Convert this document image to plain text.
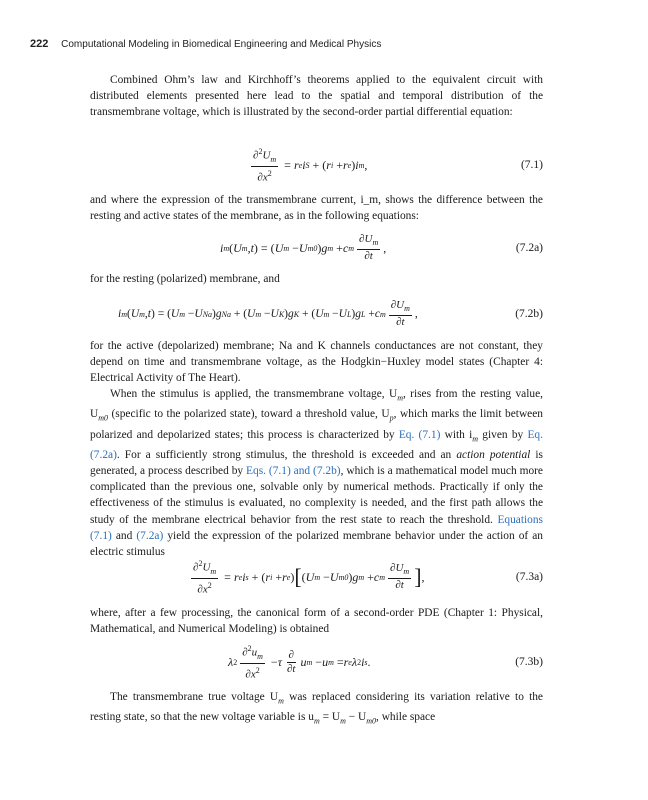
222 Computational Modeling in Biomedical Engineering and Medical Physics

Combined Ohm’s law and Kirchhoff’s theorems applied to the equivalent circuit with distributed elements presented here lead to the spatial and temporal distribution of the transmembrane voltage, which is illustrated by the second-order partial differential equation:

$\frac{\partial^2U_m}{\partial x^2} = r$ e i S + ( r i + r e ) i m ,	(7.1)

and where the expression of the transmembrane current, i_m, shows the difference between the resting and active states of the membrane, as in the following equations:

i m ( U m , t ) = ( U m − U m0 ) g m + c m $\frac{\partial U_m}{\partial t}$ ,	(7.2a)

for the resting (polarized) membrane, and

i m ( U m , t ) = ( U m − U Na ) g Na + ( U m − U K ) g K + ( U m − U L ) g L + c m $\frac{\partial U_m}{\partial t}$ ,	(7.2b)

for the active (depolarized) membrane; Na and K channels conductances are not constant, they depend on time and transmembrane voltage, as the Hodgkin−Huxley model states (Chapter 4: Electrical Activity of The Heart).

When the stimulus is applied, the transmembrane voltage, $U_m$, rises from the resting value, $U_{m0}$ (specific to the polarized state), toward a threshold value, $U_p$, which marks the limit between polarized and depolarized states; this process is characterized by Eq. (7.1) with $i_m$ given by Eq. (7.2a). For a sufficiently strong stimulus, the threshold is exceeded and an action potential is generated, a process described by Eqs. (7.1) and (7.2b), which is a mathematical model much more complicated than the previous one, solvable only by numerical methods. Practically if only the effectiveness of the stimulus is evaluated, no complexity is needed, and the first path allows the study of the membrane electrical behavior from the rest state to reach the threshold. Equations (7.1) and (7.2a) yield the expression of the polarized membrane behavior under the action of an electric stimulus

$\frac{\partial^2U_m}{\partial x^2} = r$ e i s + ( r i + r e ) [ ( U m − U m0 ) g m + c m $\frac{\partial U_m}{\partial t}$ ] ,	(7.3a)

where, after a few processing, the canonical form of a second-order PDE (Chapter 1: Physical, Mathematical, and Numerical Modeling) is obtained

λ $2 \frac{\partial^2u_m}{\partial x^2} - \tau \frac{\partial}{\partial t}$ u m − u m = r e λ 2 i s .	(7.3b)

The transmembrane true voltage $U_m$ was replaced considering its variation relative to the resting state, so that the new voltage variable is $u_m = U_m - U_{m0}$, while space
